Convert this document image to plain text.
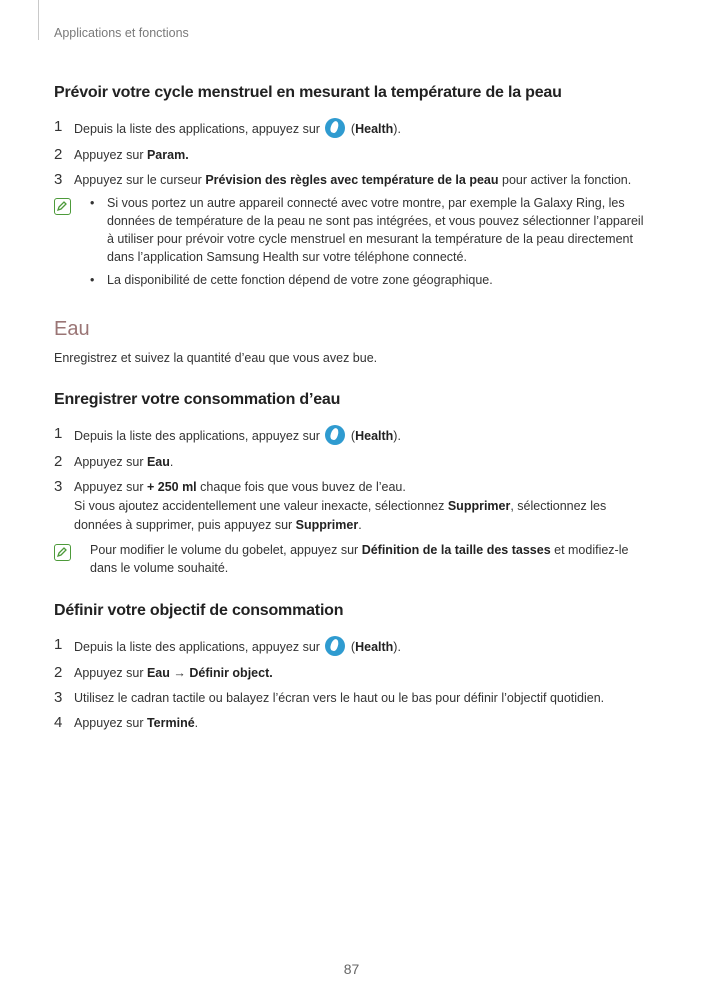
Applications et fonctions
Prévoir votre cycle menstruel en mesurant la température de la peau
1 Depuis la liste des applications, appuyez sur  (Health).
2 Appuyez sur Param.
3 Appuyez sur le curseur Prévision des règles avec température de la peau pour activer la fonction.
• Si vous portez un autre appareil connecté avec votre montre, par exemple la Galaxy Ring, les données de température de la peau ne sont pas intégrées, et vous pouvez sélectionner l’appareil à utiliser pour prévoir votre cycle menstruel en mesurant la température de la peau directement dans l’application Samsung Health sur votre téléphone connecté.
• La disponibilité de cette fonction dépend de votre zone géographique.
Eau
Enregistrez et suivez la quantité d’eau que vous avez bue.
Enregistrer votre consommation d’eau
1 Depuis la liste des applications, appuyez sur  (Health).
2 Appuyez sur Eau.
3 Appuyez sur + 250 ml chaque fois que vous buvez de l’eau.
Si vous ajoutez accidentellement une valeur inexacte, sélectionnez Supprimer, sélectionnez les données à supprimer, puis appuyez sur Supprimer.
Pour modifier le volume du gobelet, appuyez sur Définition de la taille des tasses et modifiez-le dans le volume souhaité.
Définir votre objectif de consommation
1 Depuis la liste des applications, appuyez sur  (Health).
2 Appuyez sur Eau → Définir object.
3 Utilisez le cadran tactile ou balayez l’écran vers le haut ou le bas pour définir l’objectif quotidien.
4 Appuyez sur Terminé.
87
